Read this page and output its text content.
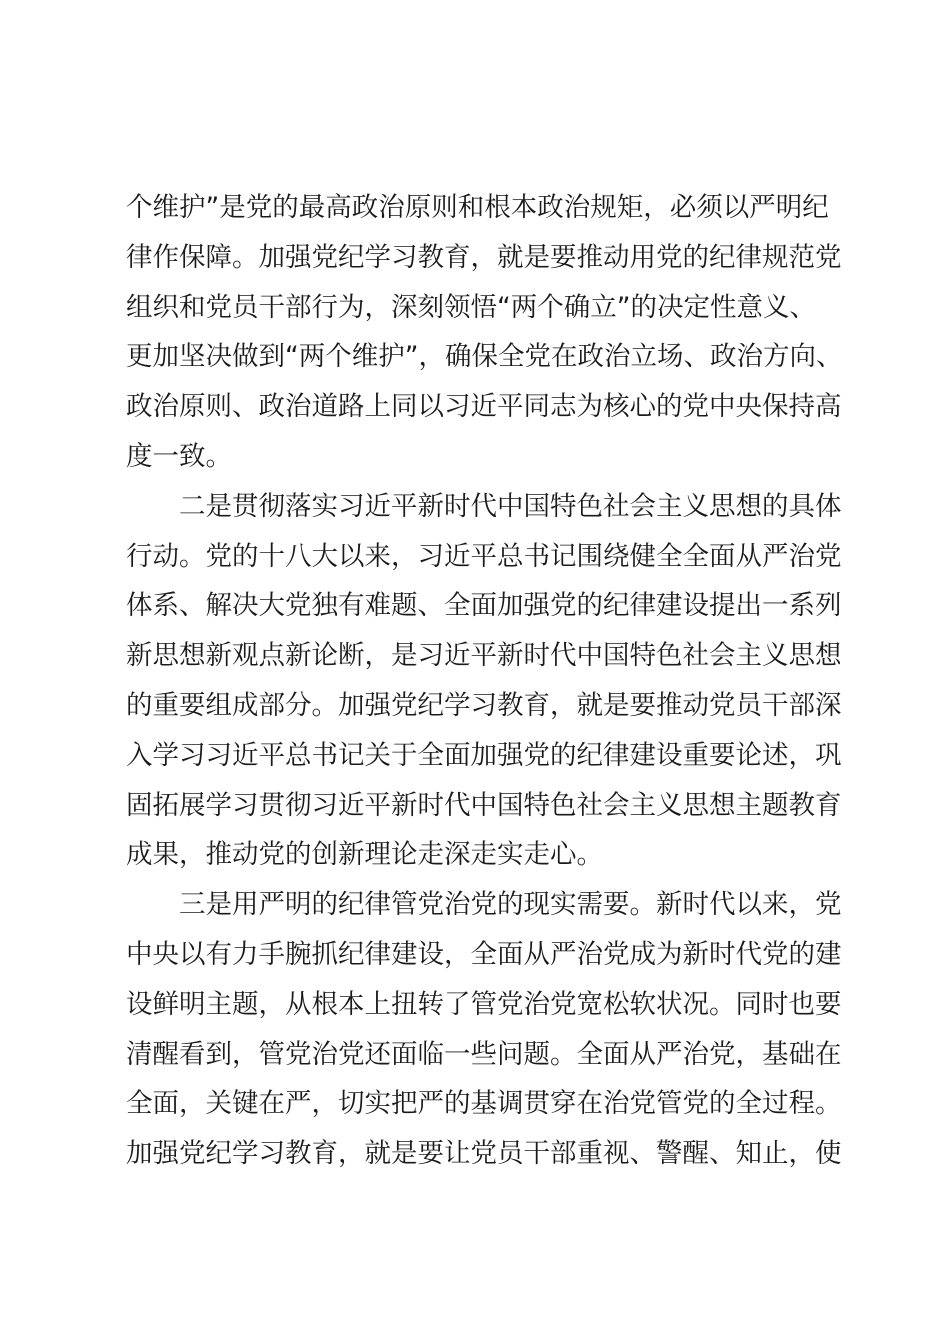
个维护”是党的最高政治原则和根本政治规矩，必须以严明纪
律作保障。加强党纪学习教育，就是要推动用党的纪律规范党
组织和党员干部行为，深刻领悟“两个确立”的决定性意义、
更加坚决做到“两个维护”，确保全党在政治立场、政治方向、
政治原则、政治道路上同以习近平同志为核心的党中央保持高
度一致。
二是贯彻落实习近平新时代中国特色社会主义思想的具体
行动。党的十八大以来，习近平总书记围绕健全全面从严治党
体系、解决大党独有难题、全面加强党的纪律建设提出一系列
新思想新观点新论断，是习近平新时代中国特色社会主义思想
的重要组成部分。加强党纪学习教育，就是要推动党员干部深
入学习习近平总书记关于全面加强党的纪律建设重要论述，巩
固拓展学习贯彻习近平新时代中国特色社会主义思想主题教育
成果，推动党的创新理论走深走实走心。
三是用严明的纪律管党治党的现实需要。新时代以来，党
中央以有力手腕抓纪律建设，全面从严治党成为新时代党的建
设鲜明主题，从根本上扭转了管党治党宽松软状况。同时也要
清醒看到，管党治党还面临一些问题。全面从严治党，基础在
全面，关键在严，切实把严的基调贯穿在治党管党的全过程。
加强党纪学习教育，就是要让党员干部重视、警醒、知止，使
